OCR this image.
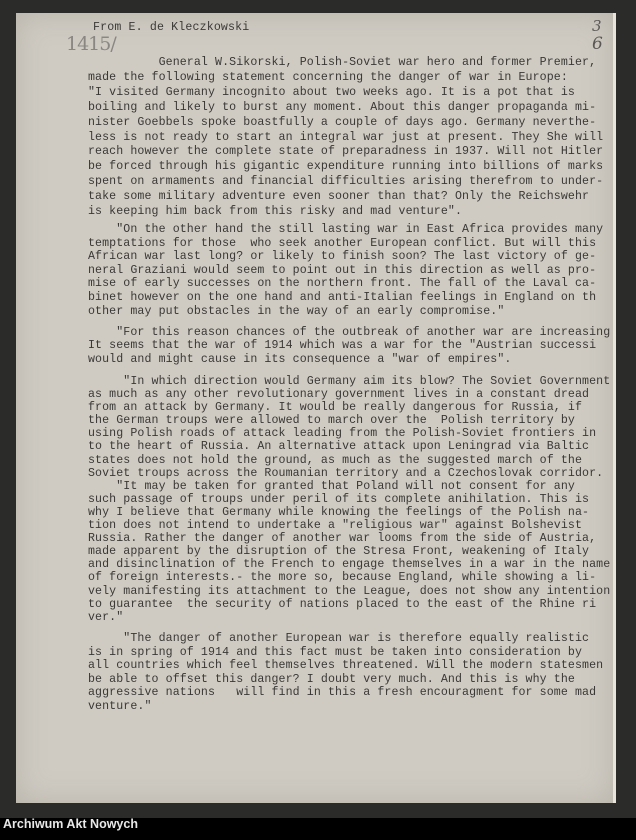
From E. de Kleczkowski
1415/
3
6
General W.Sikorski, Polish-Soviet war hero and former Premier,
made the following statement concerning the danger of war in Europe:
"I visited Germany incognito about two weeks ago. It is a pot that is
boiling and likely to burst any moment. About this danger propaganda mi-
nister Goebbels spoke boastfully a couple of days ago. Germany neverthe-
less is not ready to start an integral war just at present. They She will
reach however the complete state of preparadness in 1937. Will not Hitler
be forced through his gigantic expenditure running into billions of marks
spent on armaments and financial difficulties arising therefrom to under-
take some military adventure even sooner than that? Only the Reichswehr
is keeping him back from this risky and mad venture".
"On the other hand the still lasting war in East Africa provides many
temptations for those  who seek another European conflict. But will this
African war last long? or likely to finish soon? The last victory of ge-
neral Graziani would seem to point out in this direction as well as pro-
mise of early successes on the northern front. The fall of the Laval ca-
binet however on the one hand and anti-Italian feelings in England on th
other may put obstacles in the way of an early compromise."
"For this reason chances of the outbreak of another war are increasing
It seems that the war of 1914 which was a war for the "Austrian successi
would and might cause in its consequence a "war of empires".
"In which direction would Germany aim its blow? The Soviet Government
as much as any other revolutionary government lives in a constant dread
from an attack by Germany. It would be really dangerous for Russia, if
the German troups were allowed to march over the  Polish territory by
using Polish roads of attack leading from the Polish-Soviet frontiers in
to the heart of Russia. An alternative attack upon Leningrad via Baltic
states does not hold the ground, as much as the suggested march of the
Soviet troups across the Roumanian territory and a Czechoslovak corridor.
"It may be taken for granted that Poland will not consent for any
such passage of troups under peril of its complete anihilation. This is
why I believe that Germany while knowing the feelings of the Polish na-
tion does not intend to undertake a "religious war" against Bolshevist
Russia. Rather the danger of another war looms from the side of Austria,
made apparent by the disruption of the Stresa Front, weakening of Italy
and disinclination of the French to engage themselves in a war in the name
of foreign interests.- the more so, because England, while showing a li-
vely manifesting its attachment to the League, does not show any intention
to guarantee  the security of nations placed to the east of the Rhine ri
ver."
"The danger of another European war is therefore equally realistic
is in spring of 1914 and this fact must be taken into consideration by
all countries which feel themselves threatened. Will the modern statesmen
be able to offset this danger? I doubt very much. And this is why the
aggressive nations   will find in this a fresh encouragment for some mad
venture."
Archiwum Akt Nowych
